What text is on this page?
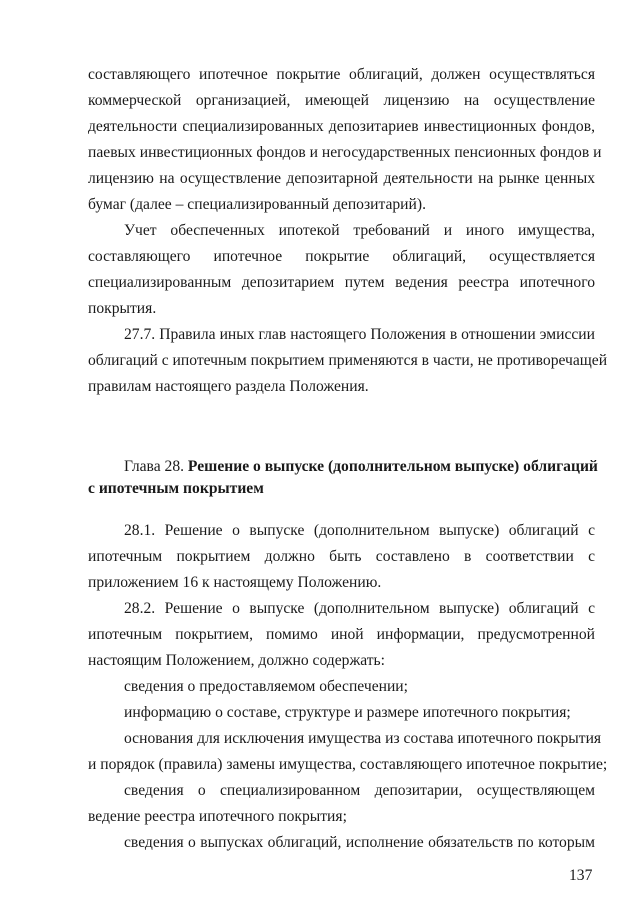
составляющего ипотечное покрытие облигаций, должен осуществляться
коммерческой организацией, имеющей лицензию на осуществление
деятельности специализированных депозитариев инвестиционных фондов,
паевых инвестиционных фондов и негосударственных пенсионных фондов и
лицензию на осуществление депозитарной деятельности на рынке ценных
бумаг (далее – специализированный депозитарий).
Учет обеспеченных ипотекой требований и иного имущества,
составляющего ипотечное покрытие облигаций, осуществляется
специализированным депозитарием путем ведения реестра ипотечного
покрытия.
27.7. Правила иных глав настоящего Положения в отношении эмиссии
облигаций с ипотечным покрытием применяются в части, не противоречащей
правилам настоящего раздела Положения.
Глава 28. Решение о выпуске (дополнительном выпуске) облигаций
с ипотечным покрытием
28.1. Решение о выпуске (дополнительном выпуске) облигаций с
ипотечным покрытием должно быть составлено в соответствии с
приложением 16 к настоящему Положению.
28.2. Решение о выпуске (дополнительном выпуске) облигаций с
ипотечным покрытием, помимо иной информации, предусмотренной
настоящим Положением, должно содержать:
сведения о предоставляемом обеспечении;
информацию о составе, структуре и размере ипотечного покрытия;
основания для исключения имущества из состава ипотечного покрытия
и порядок (правила) замены имущества, составляющего ипотечное покрытие;
сведения о специализированном депозитарии, осуществляющем
ведение реестра ипотечного покрытия;
сведения о выпусках облигаций, исполнение обязательств по которым
137
